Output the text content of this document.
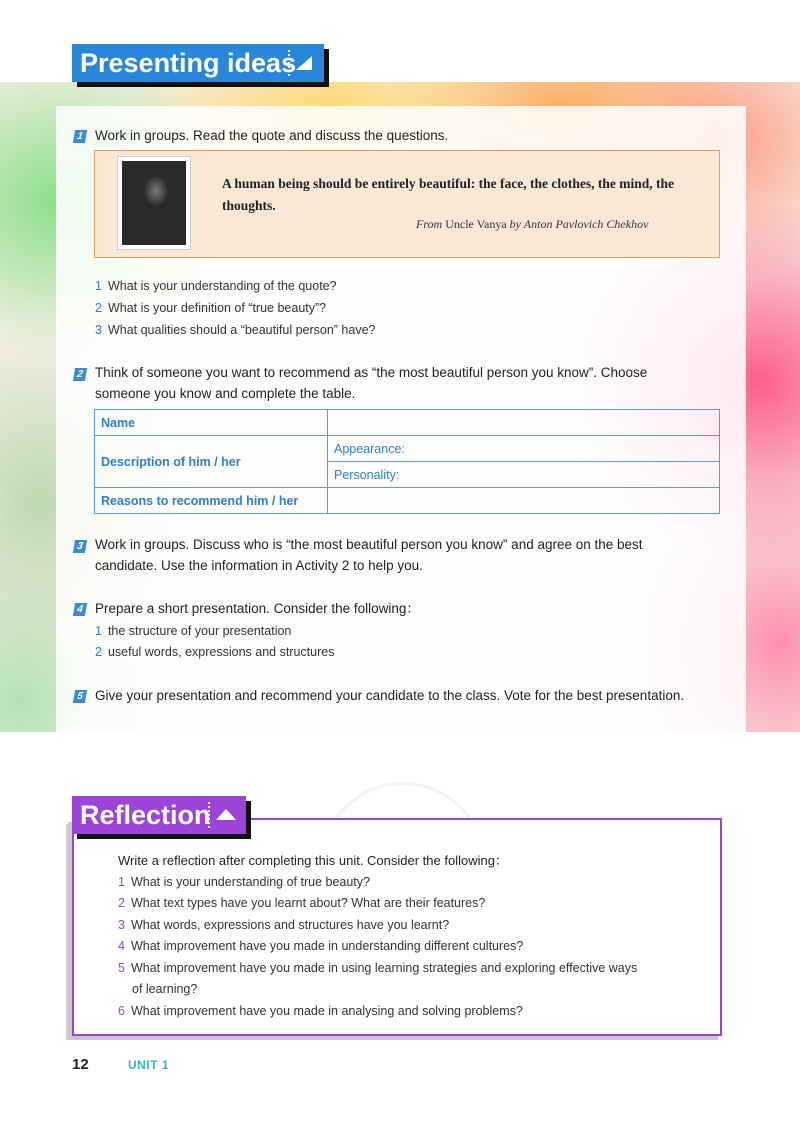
Presenting ideas
1 Work in groups. Read the quote and discuss the questions.
A human being should be entirely beautiful: the face, the clothes, the mind, the thoughts.
From Uncle Vanya by Anton Pavlovich Chekhov
1 What is your understanding of the quote?
2 What is your definition of “true beauty”?
3 What qualities should a “beautiful person” have?
2 Think of someone you want to recommend as “the most beautiful person you know”. Choose
someone you know and complete the table.
Name	
Description of him / her	Appearance:
	Personality:
Reasons to recommend him / her	
3 Work in groups. Discuss who is “the most beautiful person you know” and agree on the best
candidate. Use the information in Activity 2 to help you.
4 Prepare a short presentation. Consider the following：
1 the structure of your presentation
2 useful words, expressions and structures
5 Give your presentation and recommend your candidate to the class. Vote for the best presentation.
Reflection
Write a reflection after completing this unit. Consider the following：
1 What is your understanding of true beauty?
2 What text types have you learnt about? What are their features?
3 What words, expressions and structures have you learnt?
4 What improvement have you made in understanding different cultures?
5 What improvement have you made in using learning strategies and exploring effective ways
of learning?
6 What improvement have you made in analysing and solving problems?
12	UNIT 1
